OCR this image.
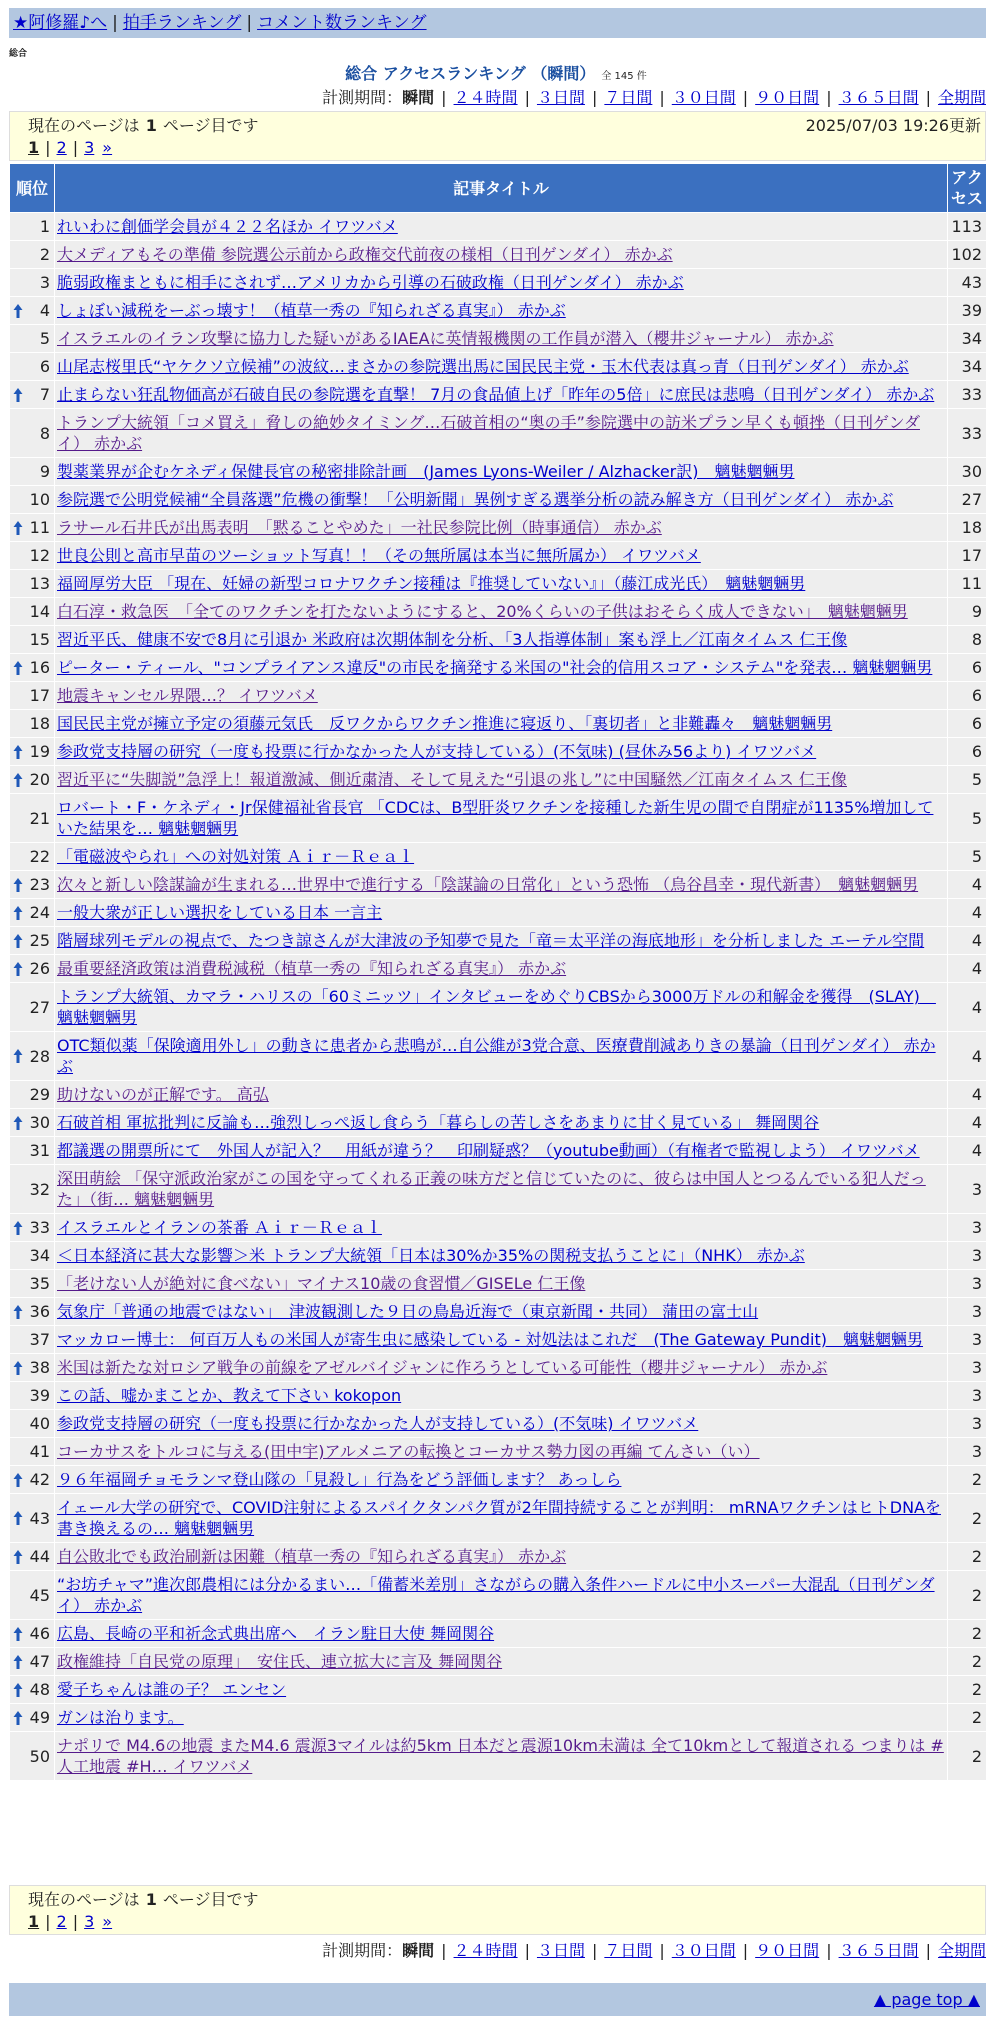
★阿修羅♪へ | 拍手ランキング | コメント数ランキング
総合
総合 アクセスランキング （瞬間） 全 145 件
計測期間：瞬間 | ２４時間 | ３日間 | ７日間 | ３０日間 | ９０日間 | ３６５日間 | 全期間
現在のページは 1 ページ目です	2025/07/03 19:26更新
1 | 2 | 3 »
順位	記事タイトル	アクセス
1	れいわに創価学会員が４２２名ほか イワツバメ	113
2	大メディアもその準備 参院選公示前から政権交代前夜の様相（日刊ゲンダイ） 赤かぶ	102
3	脆弱政権まともに相手にされず…アメリカから引導の石破政権（日刊ゲンダイ） 赤かぶ	43

4	しょぼい減税をーぶっ壊す！（植草一秀の『知られざる真実』） 赤かぶ	39
5	イスラエルのイラン攻撃に協力した疑いがあるIAEAに英情報機関の工作員が潜入（櫻井ジャーナル） 赤かぶ	34
6	山尾志桜里氏“ヤケクソ立候補”の波紋…まさかの参院選出馬に国民民主党・玉木代表は真っ青（日刊ゲンダイ） 赤かぶ	34

7	止まらない狂乱物価高が石破自民の参院選を直撃！ 7月の食品値上げ「昨年の5倍」に庶民は悲鳴（日刊ゲンダイ） 赤かぶ	33
8	トランプ大統領「コメ買え」脅しの絶妙タイミング…石破首相の“奥の手”参院選中の訪米プラン早くも頓挫（日刊ゲンダイ） 赤かぶ	33
9	製薬業界が企むケネディ保健長官の秘密排除計画　(James Lyons-Weiler / Alzhacker訳)　魑魅魍魎男	30
10	参院選で公明党候補“全員落選”危機の衝撃！「公明新聞」異例すぎる選挙分析の読み解き方（日刊ゲンダイ） 赤かぶ	27

11	ラサール石井氏が出馬表明　「黙ることやめた」一社民参院比例（時事通信） 赤かぶ	18
12	世良公則と高市早苗のツーショット写真！！（その無所属は本当に無所属か） イワツバメ	17
13	福岡厚労大臣 「現在、妊婦の新型コロナワクチン接種は『推奨していない』」（藤江成光氏）　魑魅魍魎男	11
14	白石淳・救急医　「全てのワクチンを打たないようにすると、20%くらいの子供はおそらく成人できない」　魑魅魍魎男	9
15	習近平氏、健康不安で8月に引退か 米政府は次期体制を分析、「3人指導体制」案も浮上／江南タイムス 仁王像	8

16	ピーター・ティール、"コンプライアンス違反"の市民を摘発する米国の"社会的信用スコア・システム"を発表… 魑魅魍魎男	6
17	地震キャンセル界隈…？ イワツバメ	6
18	国民民主党が擁立予定の須藤元気氏　反ワクからワクチン推進に寝返り、「裏切者」と非難轟々　魑魅魍魎男	6

19	参政党支持層の研究（一度も投票に行かなかった人が支持している）(不気味) (昼休み56より) イワツバメ	6

20	習近平に“失脚説”急浮上！報道激減、側近粛清、そして見えた“引退の兆し”に中国騒然／江南タイムス 仁王像	5
21	ロバート・F・ケネディ・Jr保健福祉省長官 「CDCは、B型肝炎ワクチンを接種した新生児の間で自閉症が1135%増加していた結果を… 魑魅魍魎男	5
22	「電磁波やられ」への対処対策 Ａｉｒ－Ｒｅａｌ	5

23	次々と新しい陰謀論が生まれる…世界中で進行する「陰謀論の日常化」という恐怖 （烏谷昌幸・現代新書）　魑魅魍魎男	4

24	一般大衆が正しい選択をしている日本 一言主	4

25	階層球列モデルの視点で、たつき諒さんが大津波の予知夢で見た「竜＝太平洋の海底地形」を分析しました エーテル空間	4

26	最重要経済政策は消費税減税（植草一秀の『知られざる真実』） 赤かぶ	4
27	トランプ大統領、カマラ・ハリスの「60ミニッツ」インタビューをめぐりCBSから3000万ドルの和解金を獲得　(SLAY)　魑魅魍魎男	4

28	OTC類似薬「保険適用外し」の動きに患者から悲鳴が…自公維が3党合意、医療費削減ありきの暴論（日刊ゲンダイ） 赤かぶ	4
29	助けないのが正解です。 高弘	4

30	石破首相 軍拡批判に反論も…強烈しっぺ返し食らう「暮らしの苦しさをあまりに甘く見ている」 舞岡関谷	4
31	都議選の開票所にて　外国人が記入？　用紙が違う？　印刷疑惑？（youtube動画）（有権者で監視しよう） イワツバメ	4
32	深田萌絵 「保守派政治家がこの国を守ってくれる正義の味方だと信じていたのに、彼らは中国人とつるんでいる犯人だった」（街… 魑魅魍魎男	3

33	イスラエルとイランの茶番 Ａｉｒ－Ｒｅａｌ	3
34	＜日本経済に甚大な影響＞米 トランプ大統領「日本は30%か35%の関税支払うことに」（NHK） 赤かぶ	3
35	「老けない人が絶対に食べない」マイナス10歳の食習慣／GISELe 仁王像	3

36	気象庁「普通の地震ではない」　津波観測した９日の鳥島近海で（東京新聞・共同） 蒲田の富士山	3
37	マッカロー博士： 何百万人もの米国人が寄生虫に感染している - 対処法はこれだ　(The Gateway Pundit)　魑魅魍魎男	3

38	米国は新たな対ロシア戦争の前線をアゼルバイジャンに作ろうとしている可能性（櫻井ジャーナル） 赤かぶ	3
39	この話、嘘かまことか、教えて下さい kokopon	3
40	参政党支持層の研究（一度も投票に行かなかった人が支持している）(不気味) イワツバメ	3
41	コーカサスをトルコに与える(田中宇)アルメニアの転換とコーカサス勢力図の再編 てんさい（い）	3

42	９６年福岡チョモランマ登山隊の「見殺し」行為をどう評価します？ あっしら	2

43	イェール大学の研究で、COVID注射によるスパイクタンパク質が2年間持続することが判明： mRNAワクチンはヒトDNAを書き換えるの… 魑魅魍魎男	2

44	自公敗北でも政治刷新は困難（植草一秀の『知られざる真実』） 赤かぶ	2
45	“お坊チャマ”進次郎農相には分かるまい…「備蓄米差別」さながらの購入条件ハードルに中小スーパー大混乱（日刊ゲンダイ） 赤かぶ	2

46	広島、長崎の平和祈念式典出席へ　イラン駐日大使 舞岡関谷	2

47	政権維持「自民党の原理」　安住氏、連立拡大に言及 舞岡関谷	2

48	愛子ちゃんは誰の子？ エンセン	2

49	ガンは治ります。	2
50	ナポリで M4.6の地震 またM4.6 震源3マイルは約5km 日本だと震源10km未満は 全て10kmとして報道される つまりは #人工地震 #H… イワツバメ	2
現在のページは 1 ページ目です
1 | 2 | 3 »
計測期間：瞬間 | ２４時間 | ３日間 | ７日間 | ３０日間 | ９０日間 | ３６５日間 | 全期間
▲ page top ▲
